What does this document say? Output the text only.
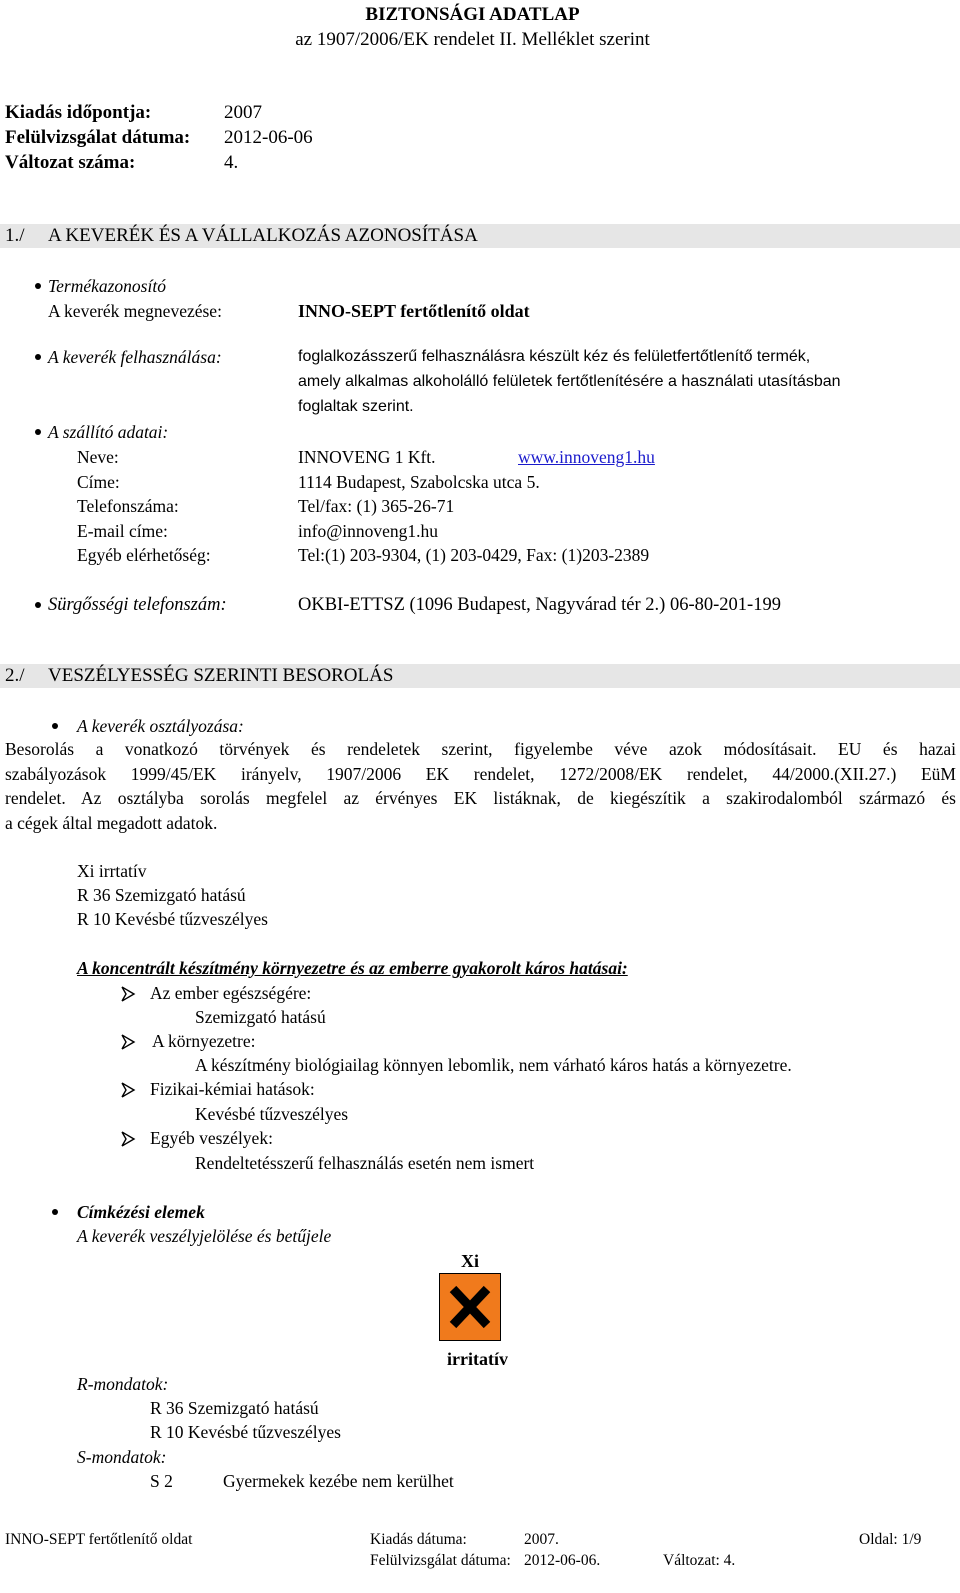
BIZTONSÁGI ADATLAP
az 1907/2006/EK rendelet II. Melléklet szerint
Kiadás időpontja:	2007
Felülvizsgálat dátuma: 2012-06-06
Változat száma:	4.
1./ A KEVERÉK ÉS A VÁLLALKOZÁS AZONOSÍTÁSA
Termékazonosító
A keverék megnevezése:	INNO-SEPT fertőtlenítő oldat
A keverék felhasználása:	foglalkozásszerű felhasználásra készült kéz és felületfertőtlenítő termék,
amely alkalmas alkoholálló felületek fertőtlenítésére a használati utasításban
foglaltak szerint.
A szállító adatai:
Neve:	INNOVENG 1 Kft.	www.innoveng1.hu
Címe:	1114 Budapest, Szabolcska utca 5.
Telefonszáma:	Tel/fax: (1) 365-26-71
E-mail címe:	info@innoveng1.hu
Egyéb elérhetőség:	Tel:(1) 203-9304, (1) 203-0429, Fax: (1)203-2389
Sürgősségi telefonszám:	OKBI-ETTSZ (1096 Budapest, Nagyvárad tér 2.) 06-80-201-199
2./ VESZÉLYESSÉG SZERINTI BESOROLÁS
A keverék osztályozása:
Besorolás a vonatkozó törvények és rendeletek szerint, figyelembe véve azok módosításait. EU és hazai
szabályozások 1999/45/EK irányelv, 1907/2006 EK rendelet, 1272/2008/EK rendelet, 44/2000.(XII.27.) EüM
rendelet. Az osztályba sorolás megfelel az érvényes EK listáknak, de kiegészítik a szakirodalomból származó és
a cégek által megadott adatok.
Xi irrtatív
R 36 Szemizgató hatású
R 10 Kevésbé tűzveszélyes
A koncentrált készítmény környezetre és az emberre gyakorolt káros hatásai:
Az ember egészségére:
Szemizgató hatású
A környezetre:
A készítmény biológiailag könnyen lebomlik, nem várható káros hatás a környezetre.
Fizikai-kémiai hatások:
Kevésbé tűzveszélyes
Egyéb veszélyek:
Rendeltetésszerű felhasználás esetén nem ismert
Címkézési elemek
A keverék veszélyjelölése és betűjele
Xi
irritatív
R-mondatok:
R 36 Szemizgató hatású
R 10 Kevésbé tűzveszélyes
S-mondatok:
S 2	Gyermekek kezébe nem kerülhet
INNO-SEPT fertőtlenítő oldat	Kiadás dátuma:	2007.	Oldal: 1/9
Felülvizsgálat dátuma: 2012-06-06.	Változat: 4.
